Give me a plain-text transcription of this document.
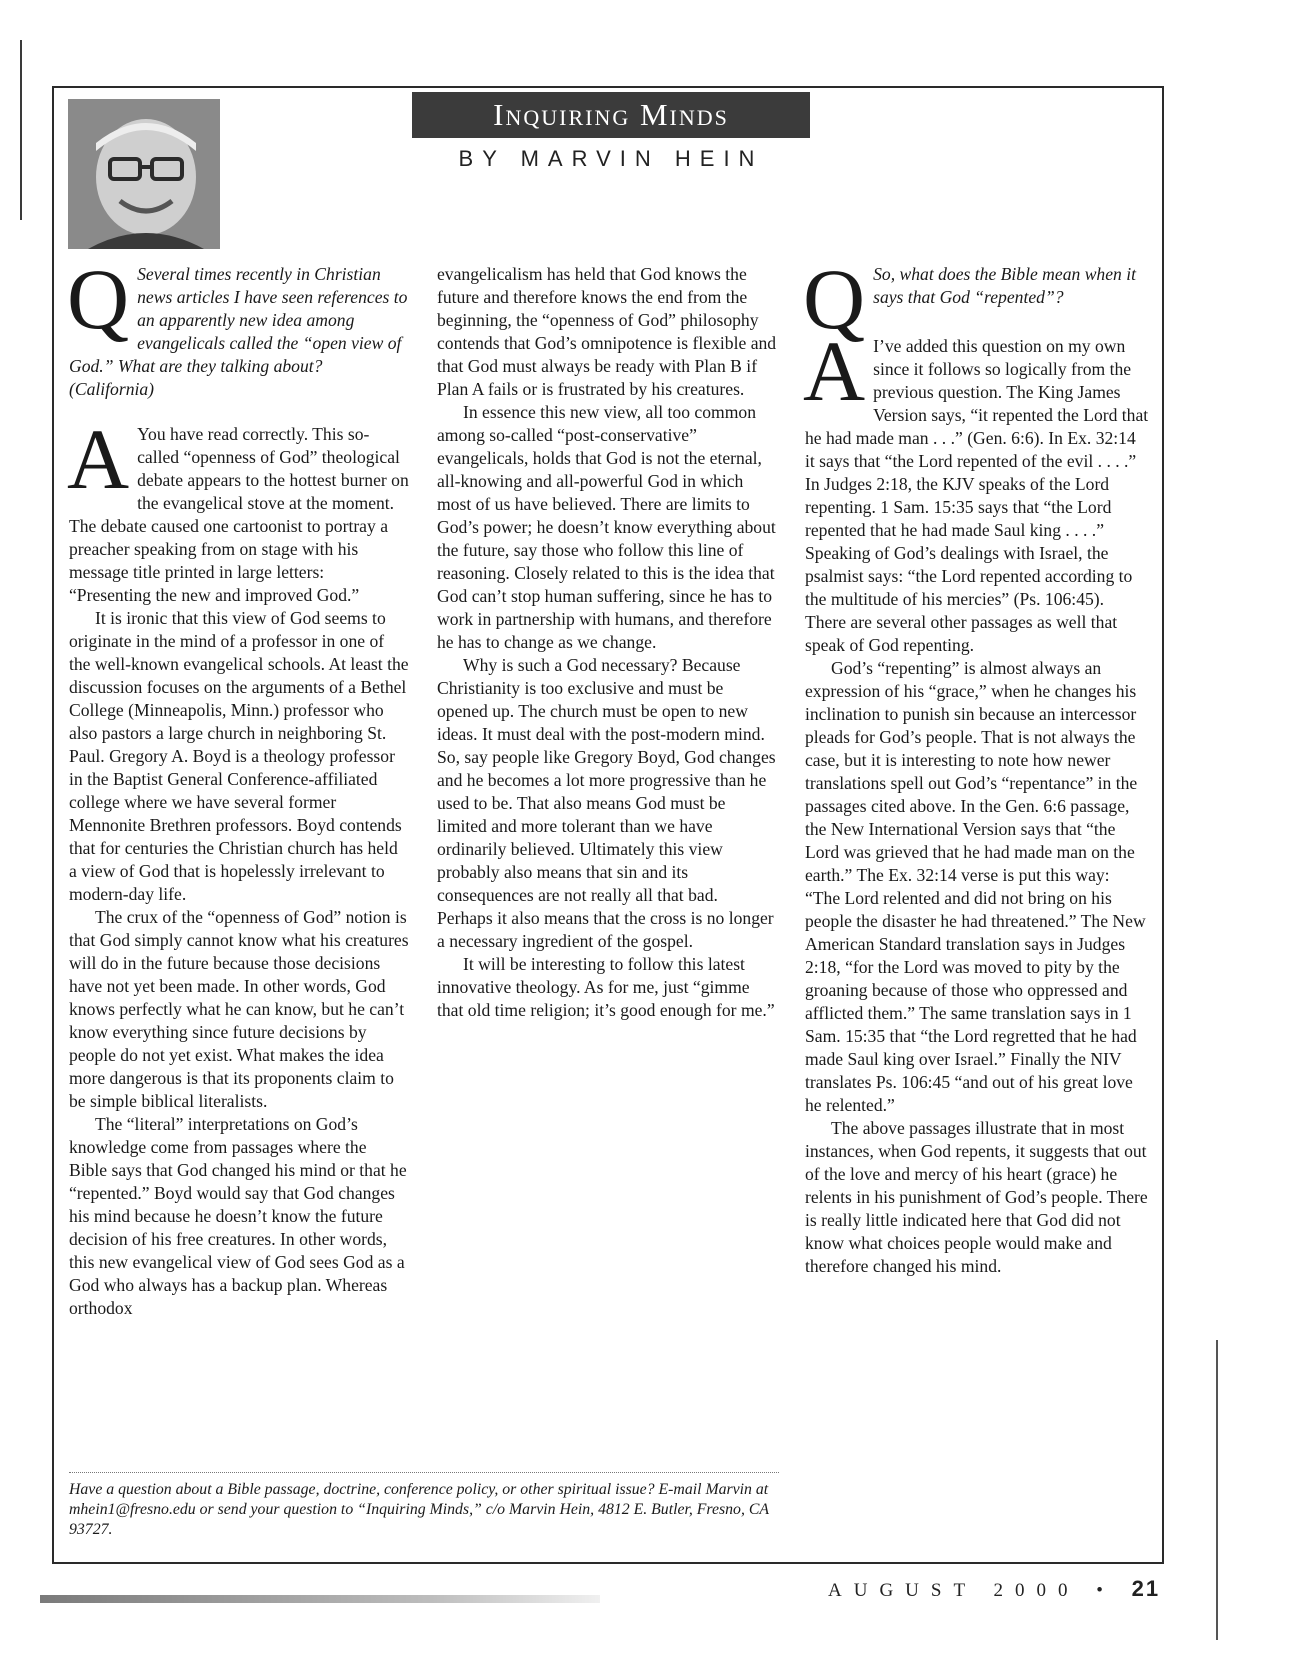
Inquiring Minds
BY MARVIN HEIN
Q Several times recently in Christian news articles I have seen references to an apparently new idea among evangelicals called the “open view of God.” What are they talking about? (California)

A You have read correctly. This so-called “openness of God” theological debate appears to the hottest burner on the evangelical stove at the moment. The debate caused one cartoonist to portray a preacher speaking from on stage with his message title printed in large letters: “Presenting the new and improved God.”

It is ironic that this view of God seems to originate in the mind of a professor in one of the well-known evangelical schools. At least the discussion focuses on the arguments of a Bethel College (Minneapolis, Minn.) professor who also pastors a large church in neighboring St. Paul. Gregory A. Boyd is a theology professor in the Baptist General Conference-affiliated college where we have several former Mennonite Brethren professors. Boyd contends that for centuries the Christian church has held a view of God that is hopelessly irrelevant to modern-day life.

The crux of the “openness of God” notion is that God simply cannot know what his creatures will do in the future because those decisions have not yet been made. In other words, God knows perfectly what he can know, but he can’t know everything since future decisions by people do not yet exist. What makes the idea more dangerous is that its proponents claim to be simple biblical literalists.

The “literal” interpretations on God’s knowledge come from passages where the Bible says that God changed his mind or that he “repented.” Boyd would say that God changes his mind because he doesn’t know the future decision of his free creatures. In other words, this new evangelical view of God sees God as a God who always has a backup plan. Whereas orthodox

evangelicalism has held that God knows the future and therefore knows the end from the beginning, the “openness of God” philosophy contends that God’s omnipotence is flexible and that God must always be ready with Plan B if Plan A fails or is frustrated by his creatures.

In essence this new view, all too common among so-called “post-conservative” evangelicals, holds that God is not the eternal, all-knowing and all-powerful God in which most of us have believed. There are limits to God’s power; he doesn’t know everything about the future, say those who follow this line of reasoning. Closely related to this is the idea that God can’t stop human suffering, since he has to work in partnership with humans, and therefore he has to change as we change.

Why is such a God necessary? Because Christianity is too exclusive and must be opened up. The church must be open to new ideas. It must deal with the post-modern mind. So, say people like Gregory Boyd, God changes and he becomes a lot more progressive than he used to be. That also means God must be limited and more tolerant than we have ordinarily believed. Ultimately this view probably also means that sin and its consequences are not really all that bad. Perhaps it also means that the cross is no longer a necessary ingredient of the gospel.

It will be interesting to follow this latest innovative theology. As for me, just “gimme that old time religion; it’s good enough for me.”

Q So, what does the Bible mean when it says that God “repented”?

A I’ve added this question on my own since it follows so logically from the previous question. The King James Version says, “it repented the Lord that he had made man . . .” (Gen. 6:6). In Ex. 32:14 it says that “the Lord repented of the evil . . . .” In Judges 2:18, the KJV speaks of the Lord repenting. 1 Sam. 15:35 says that “the Lord repented that he had made Saul king . . . .” Speaking of God’s dealings with Israel, the psalmist says: “the Lord repented according to the multitude of his mercies” (Ps. 106:45). There are several other passages as well that speak of God repenting.

God’s “repenting” is almost always an expression of his “grace,” when he changes his inclination to punish sin because an intercessor pleads for God’s people. That is not always the case, but it is interesting to note how newer translations spell out God’s “repentance” in the passages cited above. In the Gen. 6:6 passage, the New International Version says that “the Lord was grieved that he had made man on the earth.” The Ex. 32:14 verse is put this way: “The Lord relented and did not bring on his people the disaster he had threatened.” The New American Standard translation says in Judges 2:18, “for the Lord was moved to pity by the groaning because of those who oppressed and afflicted them.” The same translation says in 1 Sam. 15:35 that “the Lord regretted that he had made Saul king over Israel.” Finally the NIV translates Ps. 106:45 “and out of his great love he relented.”

The above passages illustrate that in most instances, when God repents, it suggests that out of the love and mercy of his heart (grace) he relents in his punishment of God’s people. There is really little indicated here that God did not know what choices people would make and therefore changed his mind.

Have a question about a Bible passage, doctrine, conference policy, or other spiritual issue? E-mail Marvin at mhein1@fresno.edu or send your question to “Inquiring Minds,” c/o Marvin Hein, 4812 E. Butler, Fresno, CA 93727.
AUGUST 2000 • 21
